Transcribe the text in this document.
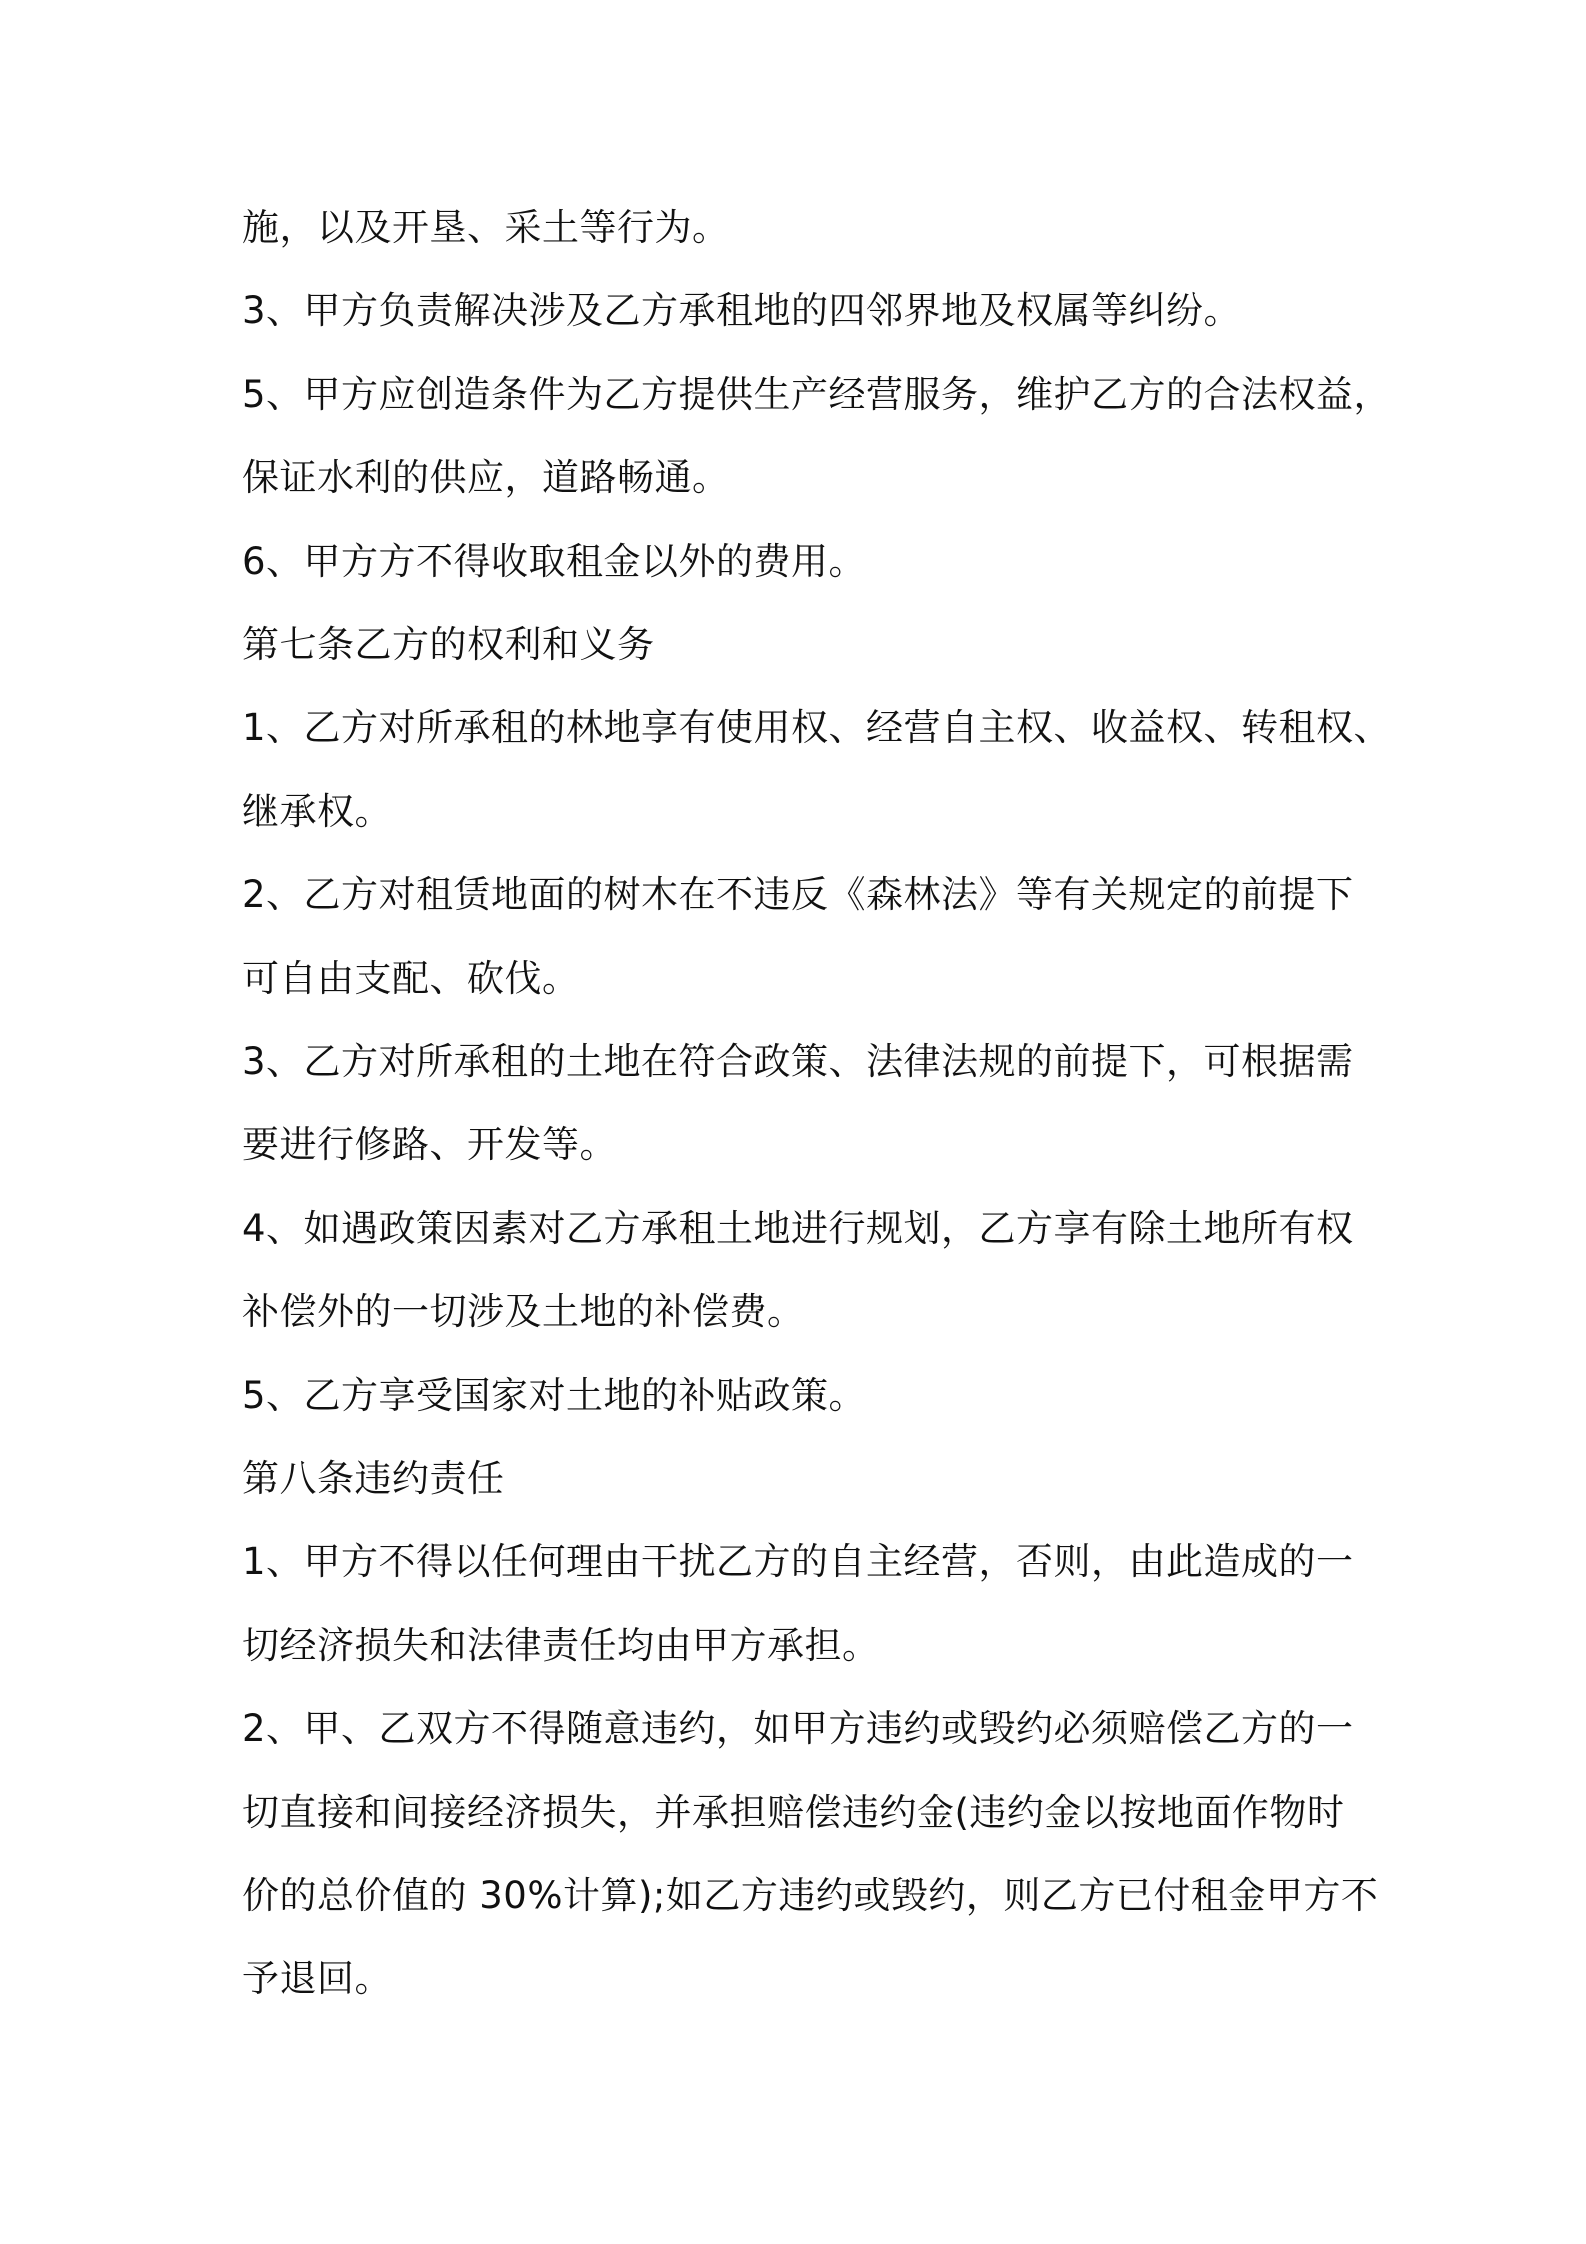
施，以及开垦、采土等行为。
3、甲方负责解决涉及乙方承租地的四邻界地及权属等纠纷。
5、甲方应创造条件为乙方提供生产经营服务，维护乙方的合法权益，
保证水利的供应，道路畅通。
6、甲方方不得收取租金以外的费用。
第七条乙方的权利和义务
1、乙方对所承租的林地享有使用权、经营自主权、收益权、转租权、
继承权。
2、乙方对租赁地面的树木在不违反《森林法》等有关规定的前提下
可自由支配、砍伐。
3、乙方对所承租的土地在符合政策、法律法规的前提下，可根据需
要进行修路、开发等。
4、如遇政策因素对乙方承租土地进行规划，乙方享有除土地所有权
补偿外的一切涉及土地的补偿费。
5、乙方享受国家对土地的补贴政策。
第八条违约责任
1、甲方不得以任何理由干扰乙方的自主经营，否则，由此造成的一
切经济损失和法律责任均由甲方承担。
2、甲、乙双方不得随意违约，如甲方违约或毁约必须赔偿乙方的一
切直接和间接经济损失，并承担赔偿违约金(违约金以按地面作物时
价的总价值的 30%计算);如乙方违约或毁约，则乙方已付租金甲方不
予退回。
